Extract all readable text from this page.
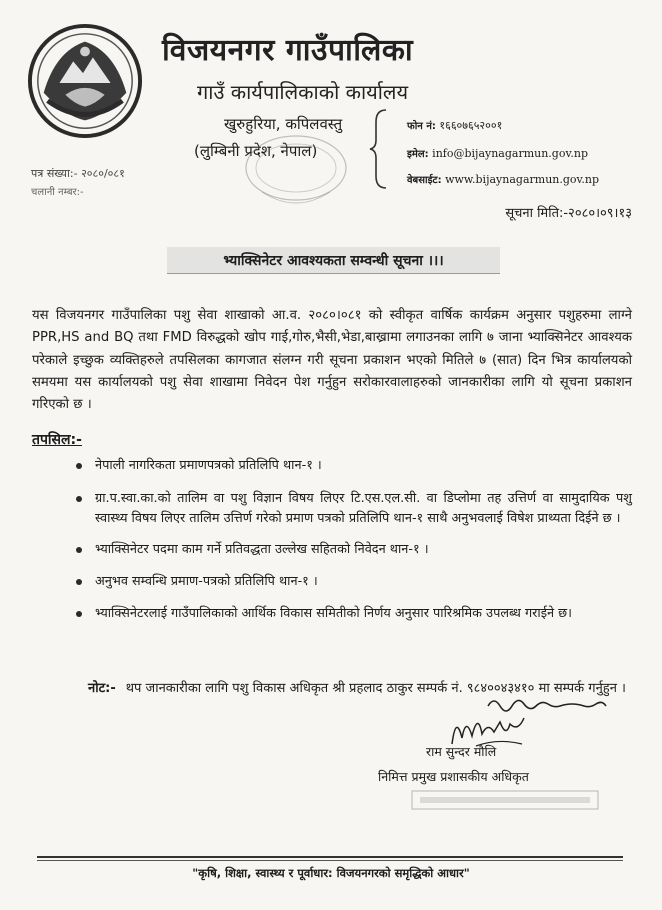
विजयनगर गाउँपालिका
गाउँ कार्यपालिकाको कार्यालय
खुरुहुरिया, कपिलवस्तु
(लुम्बिनी प्रदेश, नेपाल)
फोन नं: १६६०७६५२००१
इमेल: info@bijaynagarmun.gov.np
वेबसाईट: www.bijaynagarmun.gov.np
पत्र संख्या:- २०८०/०८१
चलानी नम्बर:-
सूचना मिति:-२०८०।०९।१३
भ्याक्सिनेटर आवश्यकता सम्वन्धी सूचना ।।।
यस विजयनगर गाउँपालिका पशु सेवा शाखाको आ.व. २०८०।०८१ को स्वीकृत वार्षिक कार्यक्रम अनुसार पशुहरुमा लाग्ने PPR,HS and BQ तथा FMD विरुद्धको खोप गाई,गोरु,भैसी,भेडा,बाख्रामा लगाउनका लागि ७ जाना भ्याक्सिनेटर आवश्यक परेकाले इच्छुक व्यक्तिहरुले तपसिलका कागजात संलग्न गरी सूचना प्रकाशन भएको मितिले ७ (सात) दिन भित्र कार्यालयको समयमा यस कार्यालयको पशु सेवा शाखामा निवेदन पेश गर्नुहुन सरोकारवालाहरुको जानकारीका लागि यो सूचना प्रकाशन गरिएको छ ।
तपसिल:-
नेपाली नागरिकता प्रमाणपत्रको प्रतिलिपि थान-१ ।
ग्रा.प.स्वा.का.को तालिम वा पशु विज्ञान विषय लिएर टि.एस.एल.सी. वा डिप्लोमा तह उत्तिर्ण वा सामुदायिक पशु स्वास्थ्य विषय लिएर तालिम उत्तिर्ण गरेको प्रमाण पत्रको प्रतिलिपि थान-१ साथै अनुभवलाई विषेश प्राथ्यता दिईने छ ।
भ्याक्सिनेटर पदमा काम गर्ने प्रतिवद्धता उल्लेख सहितको निवेदन थान-१ ।
अनुभव सम्वन्धि प्रमाण-पत्रको प्रतिलिपि थान-१ ।
भ्याक्सिनेटरलाई गाउँपालिकाको आर्थिक विकास समितीको निर्णय अनुसार पारिश्रमिक उपलब्ध गराईने छ।
नोट:- थप जानकारीका लागि पशु विकास अधिकृत श्री प्रहलाद ठाकुर सम्पर्क नं. ९८४००४३४१० मा सम्पर्क गर्नुहुन ।
राम सुन्दर मौलि
निमित्त प्रमुख प्रशासकीय अधिकृत
"कृषि, शिक्षा, स्वास्थ्य र पूर्वाधार: विजयनगरको समृद्धिको आधार"
